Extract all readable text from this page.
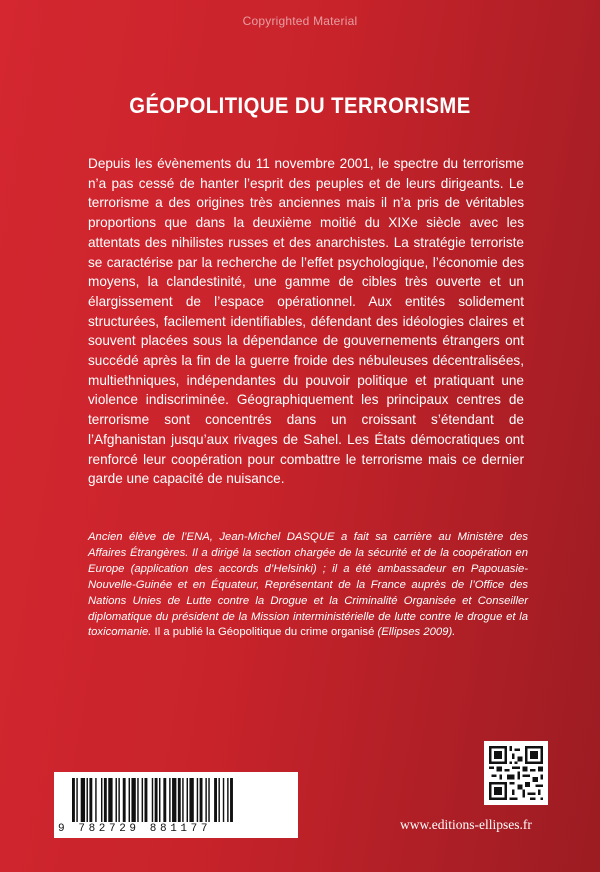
Copyrighted Material
GÉOPOLITIQUE DU TERRORISME

Depuis les évènements du 11 novembre 2001, le spectre du terrorisme n’a pas cessé de hanter l’esprit des peuples et de leurs dirigeants. Le terrorisme a des origines très anciennes mais il n’a pris de véritables proportions que dans la deuxième moitié du XIXe siècle avec les attentats des nihilistes russes et des anarchistes. La stratégie terroriste se caractérise par la recherche de l’effet psychologique, l’économie des moyens, la clandestinité, une gamme de cibles très ouverte et un élargissement de l’espace opérationnel. Aux entités solidement structurées, facilement identifiables, défendant des idéologies claires et souvent placées sous la dépendance de gouvernements étrangers ont succédé après la fin de la guerre froide des nébuleuses décentralisées, multiethniques, indépendantes du pouvoir politique et pratiquant une violence indiscriminée. Géographiquement les principaux centres de terrorisme sont concentrés dans un croissant s’étendant de l’Afghanistan jusqu’aux rivages de Sahel. Les États démocratiques ont renforcé leur coopération pour combattre le terrorisme mais ce dernier garde une capacité de nuisance.

Ancien élève de l’ENA, Jean-Michel DASQUE a fait sa carrière au Ministère des Affaires Étrangères. Il a dirigé la section chargée de la sécurité et de la coopération en Europe (application des accords d’Helsinki) ; il a été ambassadeur en Papouasie-Nouvelle-Guinée et en Équateur, Représentant de la France auprès de l’Office des Nations Unies de Lutte contre la Drogue et la Criminalité Organisée et Conseiller diplomatique du président de la Mission interministérielle de lutte contre le drogue et la toxicomanie. Il a publié la Géopolitique du crime organisé (Ellipses 2009).

9 782729 881177	www.editions-ellipses.fr
